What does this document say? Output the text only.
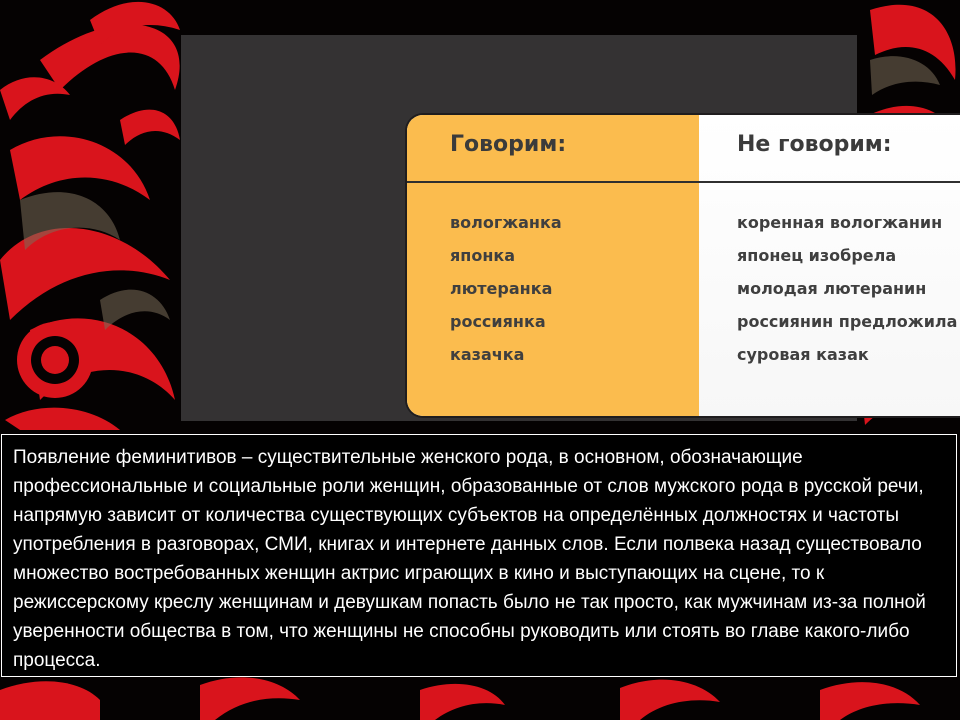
Говорим:
вологжанка
японка
лютеранка
россиянка
казачка
Не говорим:
коренная вологжанин
японец изобрела
молодая лютеранин
россиянин предложила
суровая казак

Появление феминитивов – существительные женского рода, в основном, обозначающие профессиональные и социальные роли женщин, образованные от слов мужского рода в русской речи, напрямую зависит от количества существующих субъектов на определённых должностях и частоты употребления в разговорах, СМИ, книгах и интернете данных слов. Если полвека назад существовало множество востребованных женщин актрис играющих в кино и выступающих на сцене, то к режиссерскому креслу женщинам и девушкам попасть было не так просто, как мужчинам из-за полной уверенности общества в том, что женщины не способны руководить или стоять во главе какого-либо процесса.
